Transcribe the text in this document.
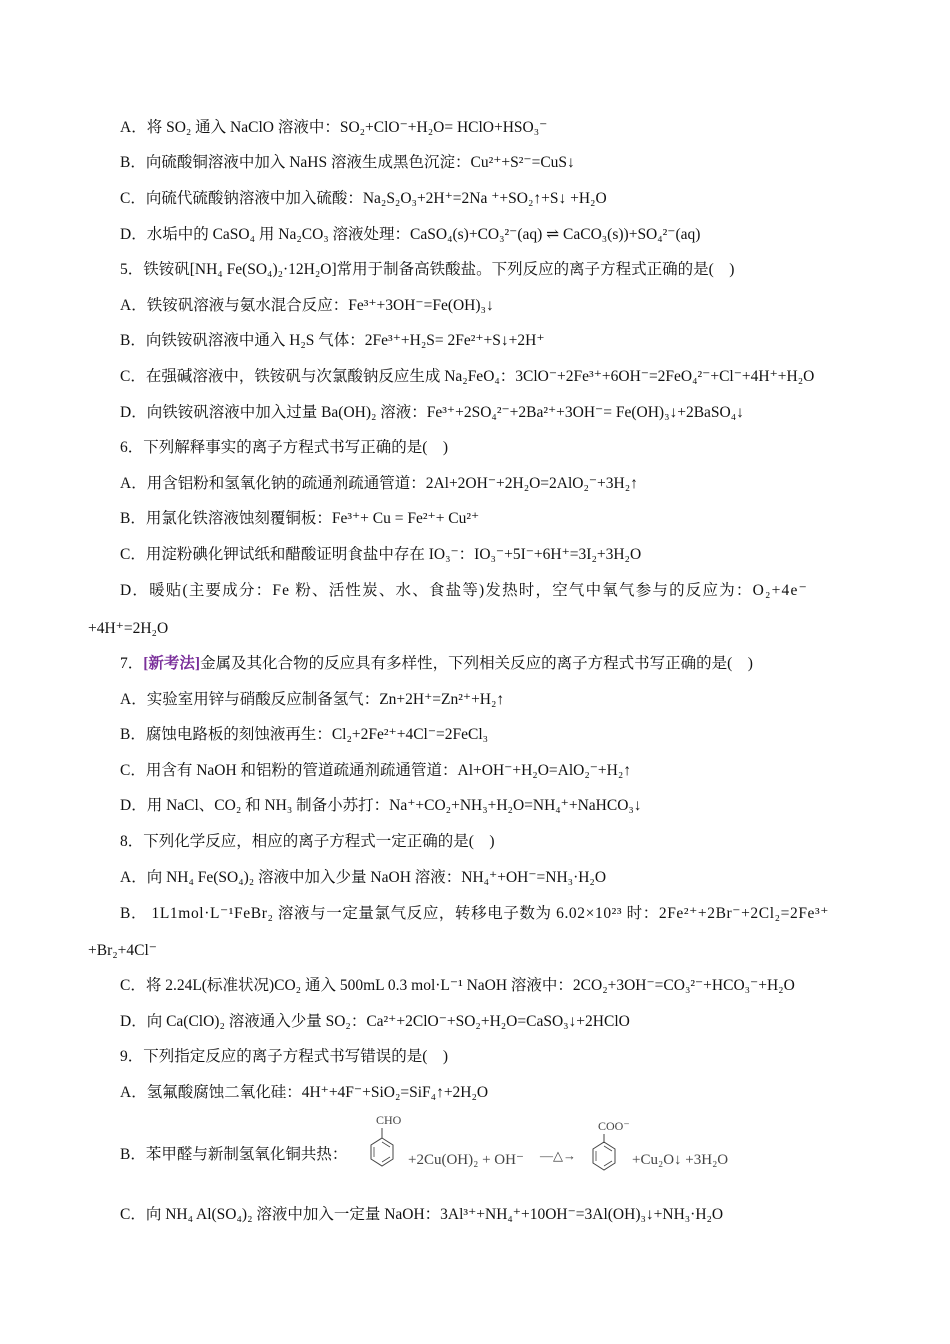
A．将 SO₂ 通入 NaClO 溶液中：SO₂+ClO⁻+H₂O= HClO+HSO₃⁻
B．向硫酸铜溶液中加入 NaHS 溶液生成黑色沉淀：Cu²⁺+S²⁻=CuS↓
C．向硫代硫酸钠溶液中加入硫酸：Na₂S₂O₃+2H⁺=2Na ⁺+SO₂↑+S↓ +H₂O
D．水垢中的 CaSO₄ 用 Na₂CO₃ 溶液处理：CaSO₄(s)+CO₃²⁻(aq) ⇌ CaCO₃(s))+SO₄²⁻(aq)
5．铁铵矾[NH₄ Fe(SO₄)₂·12H₂O]常用于制备高铁酸盐。下列反应的离子方程式正确的是(　)
A．铁铵矾溶液与氨水混合反应：Fe³⁺+3OH⁻=Fe(OH)₃↓
B．向铁铵矾溶液中通入 H₂S 气体：2Fe³⁺+H₂S= 2Fe²⁺+S↓+2H⁺
C．在强碱溶液中，铁铵矾与次氯酸钠反应生成 Na₂FeO₄：3ClO⁻+2Fe³⁺+6OH⁻=2FeO₄²⁻+Cl⁻+4H⁺+H₂O
D．向铁铵矾溶液中加入过量 Ba(OH)₂ 溶液：Fe³⁺+2SO₄²⁻+2Ba²⁺+3OH⁻= Fe(OH)₃↓+2BaSO₄↓
6．下列解释事实的离子方程式书写正确的是(　)
A．用含铝粉和氢氧化钠的疏通剂疏通管道：2Al+2OH⁻+2H₂O=2AlO₂⁻+3H₂↑
B．用氯化铁溶液蚀刻覆铜板：Fe³⁺+ Cu = Fe²⁺+ Cu²⁺
C．用淀粉碘化钾试纸和醋酸证明食盐中存在 IO₃⁻：IO₃⁻+5I⁻+6H⁺=3I₂+3H₂O
D．暖贴(主要成分：Fe 粉、活性炭、水、食盐等)发热时，空气中氧气参与的反应为：O₂+4e⁻
+4H⁺=2H₂O
7．[新考法]金属及其化合物的反应具有多样性，下列相关反应的离子方程式书写正确的是(　)
A．实验室用锌与硝酸反应制备氢气：Zn+2H⁺=Zn²⁺+H₂↑
B．腐蚀电路板的刻蚀液再生：Cl₂+2Fe²⁺+4Cl⁻=2FeCl₃
C．用含有 NaOH 和铝粉的管道疏通剂疏通管道：Al+OH⁻+H₂O=AlO₂⁻+H₂↑
D．用 NaCl、CO₂ 和 NH₃ 制备小苏打：Na⁺+CO₂+NH₃+H₂O=NH₄⁺+NaHCO₃↓
8．下列化学反应，相应的离子方程式一定正确的是(　)
A．向 NH₄ Fe(SO₄)₂ 溶液中加入少量 NaOH 溶液：NH₄⁺+OH⁻=NH₃·H₂O
B． 1L1mol·L⁻¹FeBr₂ 溶液与一定量氯气反应，转移电子数为 6.02×10²³ 时：2Fe²⁺+2Br⁻+2Cl₂=2Fe³⁺
+Br₂+4Cl⁻
C．将 2.24L(标准状况)CO₂ 通入 500mL 0.3 mol·L⁻¹ NaOH 溶液中：2CO₂+3OH⁻=CO₃²⁻+HCO₃⁻+H₂O
D．向 Ca(ClO)₂ 溶液通入少量 SO₂：Ca²⁺+2ClO⁻+SO₂+H₂O=CaSO₃↓+2HClO
9．下列指定反应的离子方程式书写错误的是(　)
A．氢氟酸腐蚀二氧化硅：4H⁺+4F⁻+SiO₂=SiF₄↑+2H₂O
B．苯甲醛与新制氢氧化铜共热：
CHO
+2Cu(OH)₂ + OH⁻ —△→
COO⁻
+Cu₂O↓ +3H₂O
C．向 NH₄ Al(SO₄)₂ 溶液中加入一定量 NaOH：3Al³⁺+NH₄⁺+10OH⁻=3Al(OH)₃↓+NH₃·H₂O
